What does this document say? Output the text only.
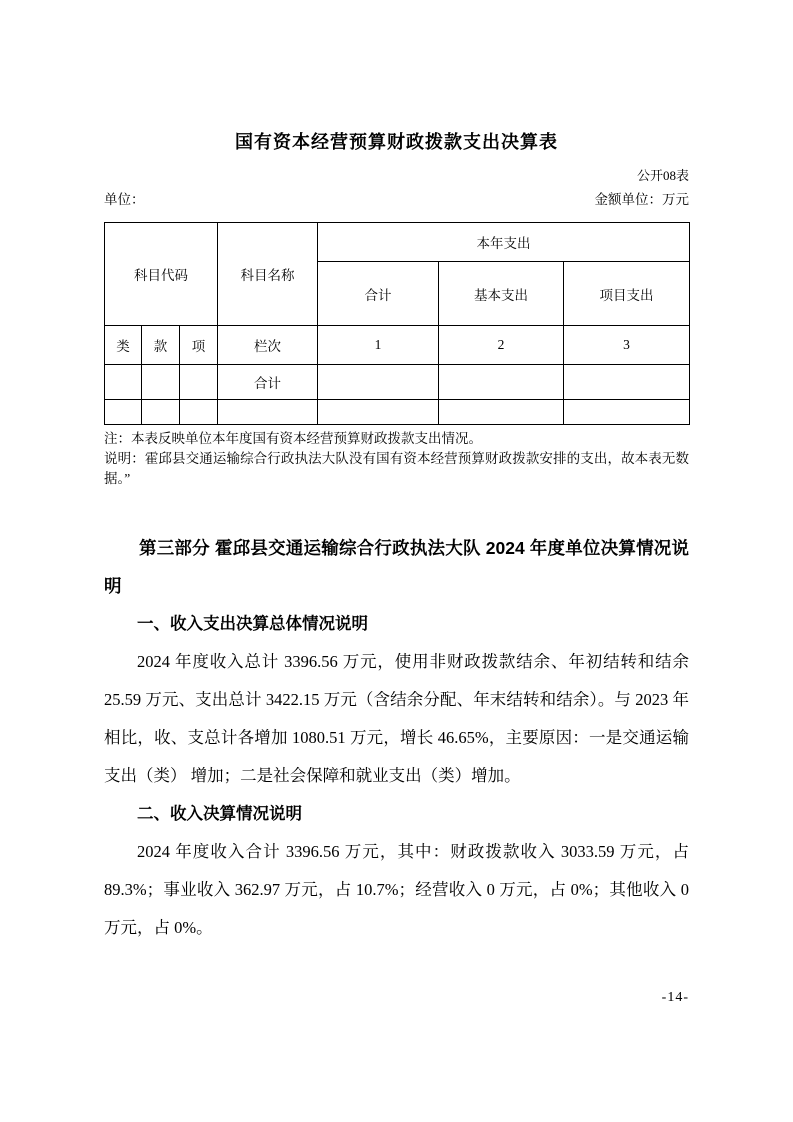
国有资本经营预算财政拨款支出决算表
公开08表
单位：	金额单位：万元
科目代码			科目名称	本年支出		
				合计	基本支出	项目支出
类	款	项	栏次	1	2	3
			合计			

注：本表反映单位本年度国有资本经营预算财政拨款支出情况。

说明：霍邱县交通运输综合行政执法大队没有国有资本经营预算财政拨款安排的支出，故本表无数据。”

第三部分 霍邱县交通运输综合行政执法大队 2024 年度单位决算情况说明
一、收入支出决算总体情况说明

2024 年度收入总计 3396.56 万元，使用非财政拨款结余、年初结转和结余 25.59 万元、支出总计 3422.15 万元（含结余分配、年末结转和结余）。与 2023 年相比，收、支总计各增加 1080.51 万元，增长 46.65%，主要原因：一是交通运输支出（类） 增加；二是社会保障和就业支出（类）增加。

二、收入决算情况说明

2024 年度收入合计 3396.56 万元，其中：财政拨款收入 3033.59 万元，占 89.3%；事业收入 362.97 万元，占 10.7%；经营收入 0 万元，占 0%；其他收入 0 万元，占 0%。

-14-
